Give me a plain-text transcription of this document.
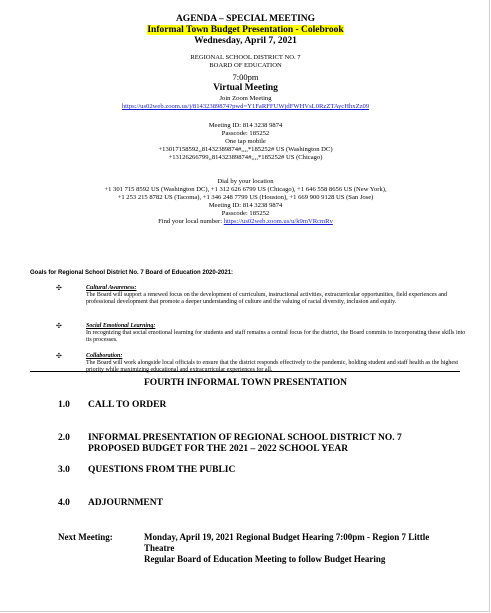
AGENDA – SPECIAL MEETING
Informal Town Budget Presentation - Colebrook
Wednesday, April 7, 2021
REGIONAL SCHOOL DISTRICT NO. 7
BOARD OF EDUCATION
7:00pm
Virtual Meeting
Join Zoom Meeting
https://us02web.zoom.us/j/81432389874?pwd=Y1FaRFFUWjdFWHVsL0RzZTAycHhxZz09
Meeting ID: 814 3238 9874
Passcode: 185252
One tap mobile
+13017158592,,81432389874#,,,,*185252# US (Washington DC)
+13126266799,,81432389874#,,,,*185252# US (Chicago)
Dial by your location
+1 301 715 8592 US (Washington DC), +1 312 626 6799 US (Chicago), +1 646 558 8656 US (New York),
+1 253 215 8782 US (Tacoma), +1 346 248 7799 US (Houston), +1 669 900 9128 US (San Jose)
Meeting ID: 814 3238 9874
Passcode: 185252
Find your local number: https://us02web.zoom.us/u/k9mVRcmRv
Goals for Regional School District No. 7 Board of Education 2020-2021:
✣	Cultural Awareness:
The Board will support a renewed focus on the development of curriculum, instructional activities, extracurricular opportunities, field experiences and professional development that promote a deeper understanding of culture and the valuing of racial diversity, inclusion and equity.
✣	Social Emotional Learning:
In recognizing that social emotional learning for students and staff remains a central focus for the district, the Board commits to incorporating these skills into its processes.
✣	Collaboration:
The Board will work alongside local officials to ensure that the district responds effectively to the pandemic, holding student and staff health as the highest priority while maximizing educational and extracurricular experiences for all.
FOURTH INFORMAL TOWN PRESENTATION
1.0 CALL TO ORDER
2.0 INFORMAL PRESENTATION OF REGIONAL SCHOOL DISTRICT NO. 7 PROPOSED BUDGET FOR THE 2021 – 2022 SCHOOL YEAR
3.0 QUESTIONS FROM THE PUBLIC
4.0 ADJOURNMENT
Next Meeting:	Monday, April 19, 2021 Regional Budget Hearing 7:00pm - Region 7 Little Theatre
Regular Board of Education Meeting to follow Budget Hearing
